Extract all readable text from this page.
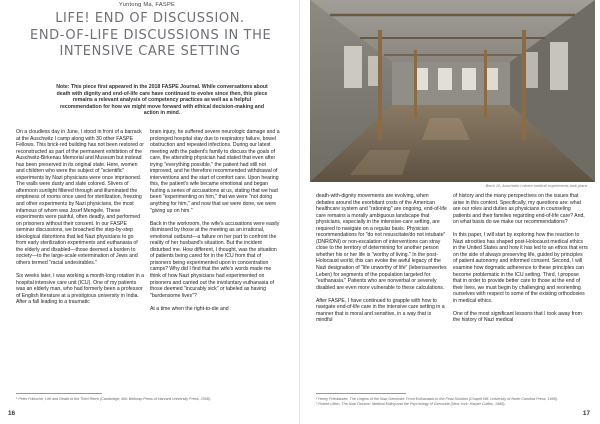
Yuntong Ma, FASPE
LIFE! END OF DISCUSSION.
END-OF-LIFE DISCUSSIONS IN THE
INTENSIVE CARE SETTING
Note: This piece first appeared in the 2018 FASPE Journal. While conversations about death with dignity and end-of-life care have continued to evolve since then, this piece remains a relevant analysis of competency practices as well as a helpful recommendation for how we might move forward with ethical decision-making and action in mind.

On a cloudless day in June, I stood in front of a barrack at the Auschwitz I camp along with 30 other FASPE Fellows. This brick-red building has not been restored or reconstructed as part of the permanent exhibition of the Auschwitz-Birkenau Memorial and Museum but instead has been preserved in its original state. Here, women and children who were the subject of "scientific" experiments by Nazi physicians were once imprisoned. The walls were dusty and slate colored. Slivers of afternoon sunlight filtered through and illuminated the emptiness of rooms once used for sterilization, freezing and other experiments by Nazi physicians, the most infamous of whom was Josef Mengele. These experiments were painful, often deadly, and performed on prisoners without their consent. In our FASPE seminar discussions, we broached the step-by-step ideological distortions that led Nazi physicians to go from early sterilization experiments and euthanasia of the elderly and disabled—those deemed a burden to society—to the large-scale extermination of Jews and others termed "racial undesirables."

Six weeks later, I was working a month-long rotation in a hospital intensive care unit (ICU). One of my patients was an elderly man, who had formerly been a professor of English literature at a prestigious university in India. After a fall leading to a traumatic

brain injury, he suffered severe neurologic damage and a prolonged hospital stay due to respiratory failure, bowel obstruction and repeated infections. During our latest meeting with the patient's family to discuss the goals of care, the attending physician had stated that even after trying "everything possible," the patient had still not improved, and he therefore recommended withdrawal of interventions and the start of comfort care. Upon hearing this, the patient's wife became emotional and began hurling a series of accusations at us, stating that we had been "experimenting on him," that we were "not doing anything for him," and now that we were done, we were "giving up on him."

Back in the workroom, the wife's accusations were easily dismissed by those at the meeting as an irrational, emotional outburst—a failure on her part to confront the reality of her husband's situation. But the incident disturbed me. How different, I thought, was the situation of patients being cared for in the ICU from that of prisoners being experimented upon in concentration camps? Why did I find that the wife's words made me think of how Nazi physicians had experimented on prisoners and carried out the involuntary euthanasia of those deemed "incurably sick" or labeled as having "burdensome lives"?

At a time when the right-to-die and

¹ Peter Fritzsche, Life and Death in the Third Reich (Cambridge, MA: Belknap Press of Harvard University Press, 2008).
16
Block 10, Auschwitz I where medical experiments took place.

death-with-dignity movements are evolving, when debates around the exorbitant costs of the American healthcare system and "rationing" are ongoing, end-of-life care remains a morally ambiguous landscape that physicians, especially in the intensive-care setting, are required to navigate on a regular basis. Physician recommendations for "do not resuscitate/do not intubate" (DNR/DNI) or non-escalation of interventions can stray close to the territory of determining for another person whether his or her life is "worthy of living." In the post-Holocaust world, this can evoke the awful legacy of the Nazi designation of "life unworthy of life" (lebensunwertes Leben) for segments of the population targeted for "euthanasia." Patients who are nonverbal or severely disabled are even more vulnerable to these calculations.

After FASPE, I have continued to grapple with how to navigate end-of-life care in the intensive care setting in a manner that is moral and sensitive, in a way that is mindful

of history and the many perspectives on the issues that arise in this context. Specifically, my questions are: what are our roles and duties as physicians in counseling patients and their families regarding end-of-life care? And, on what basis do we make our recommendations?

In this paper, I will start by exploring how the reaction to Nazi atrocities has shaped post-Holocaust medical ethics in the United States and how it has led to an ethos that errs on the side of always preserving life, guided by principles of patient autonomy and informed consent. Second, I will examine how dogmatic adherence to these principles can become problematic in the ICU setting. Third, I propose that in order to provide better care to those at the end of their lives, we must begin by challenging and reorienting ourselves with respect to some of the existing orthodoxies in medical ethics.

One of the most significant lessons that I took away from the history of Nazi medical

² Henry Friedlander, The Origins of the Nazi Genocide: From Euthanasia to the Final Solution (Chapel Hill: University of North Carolina Press, 1995).
³ Robert Lifton, The Nazi Doctors: Medical Killing and the Psychology of Genocide (New York: Harper Collins, 1986).
17
